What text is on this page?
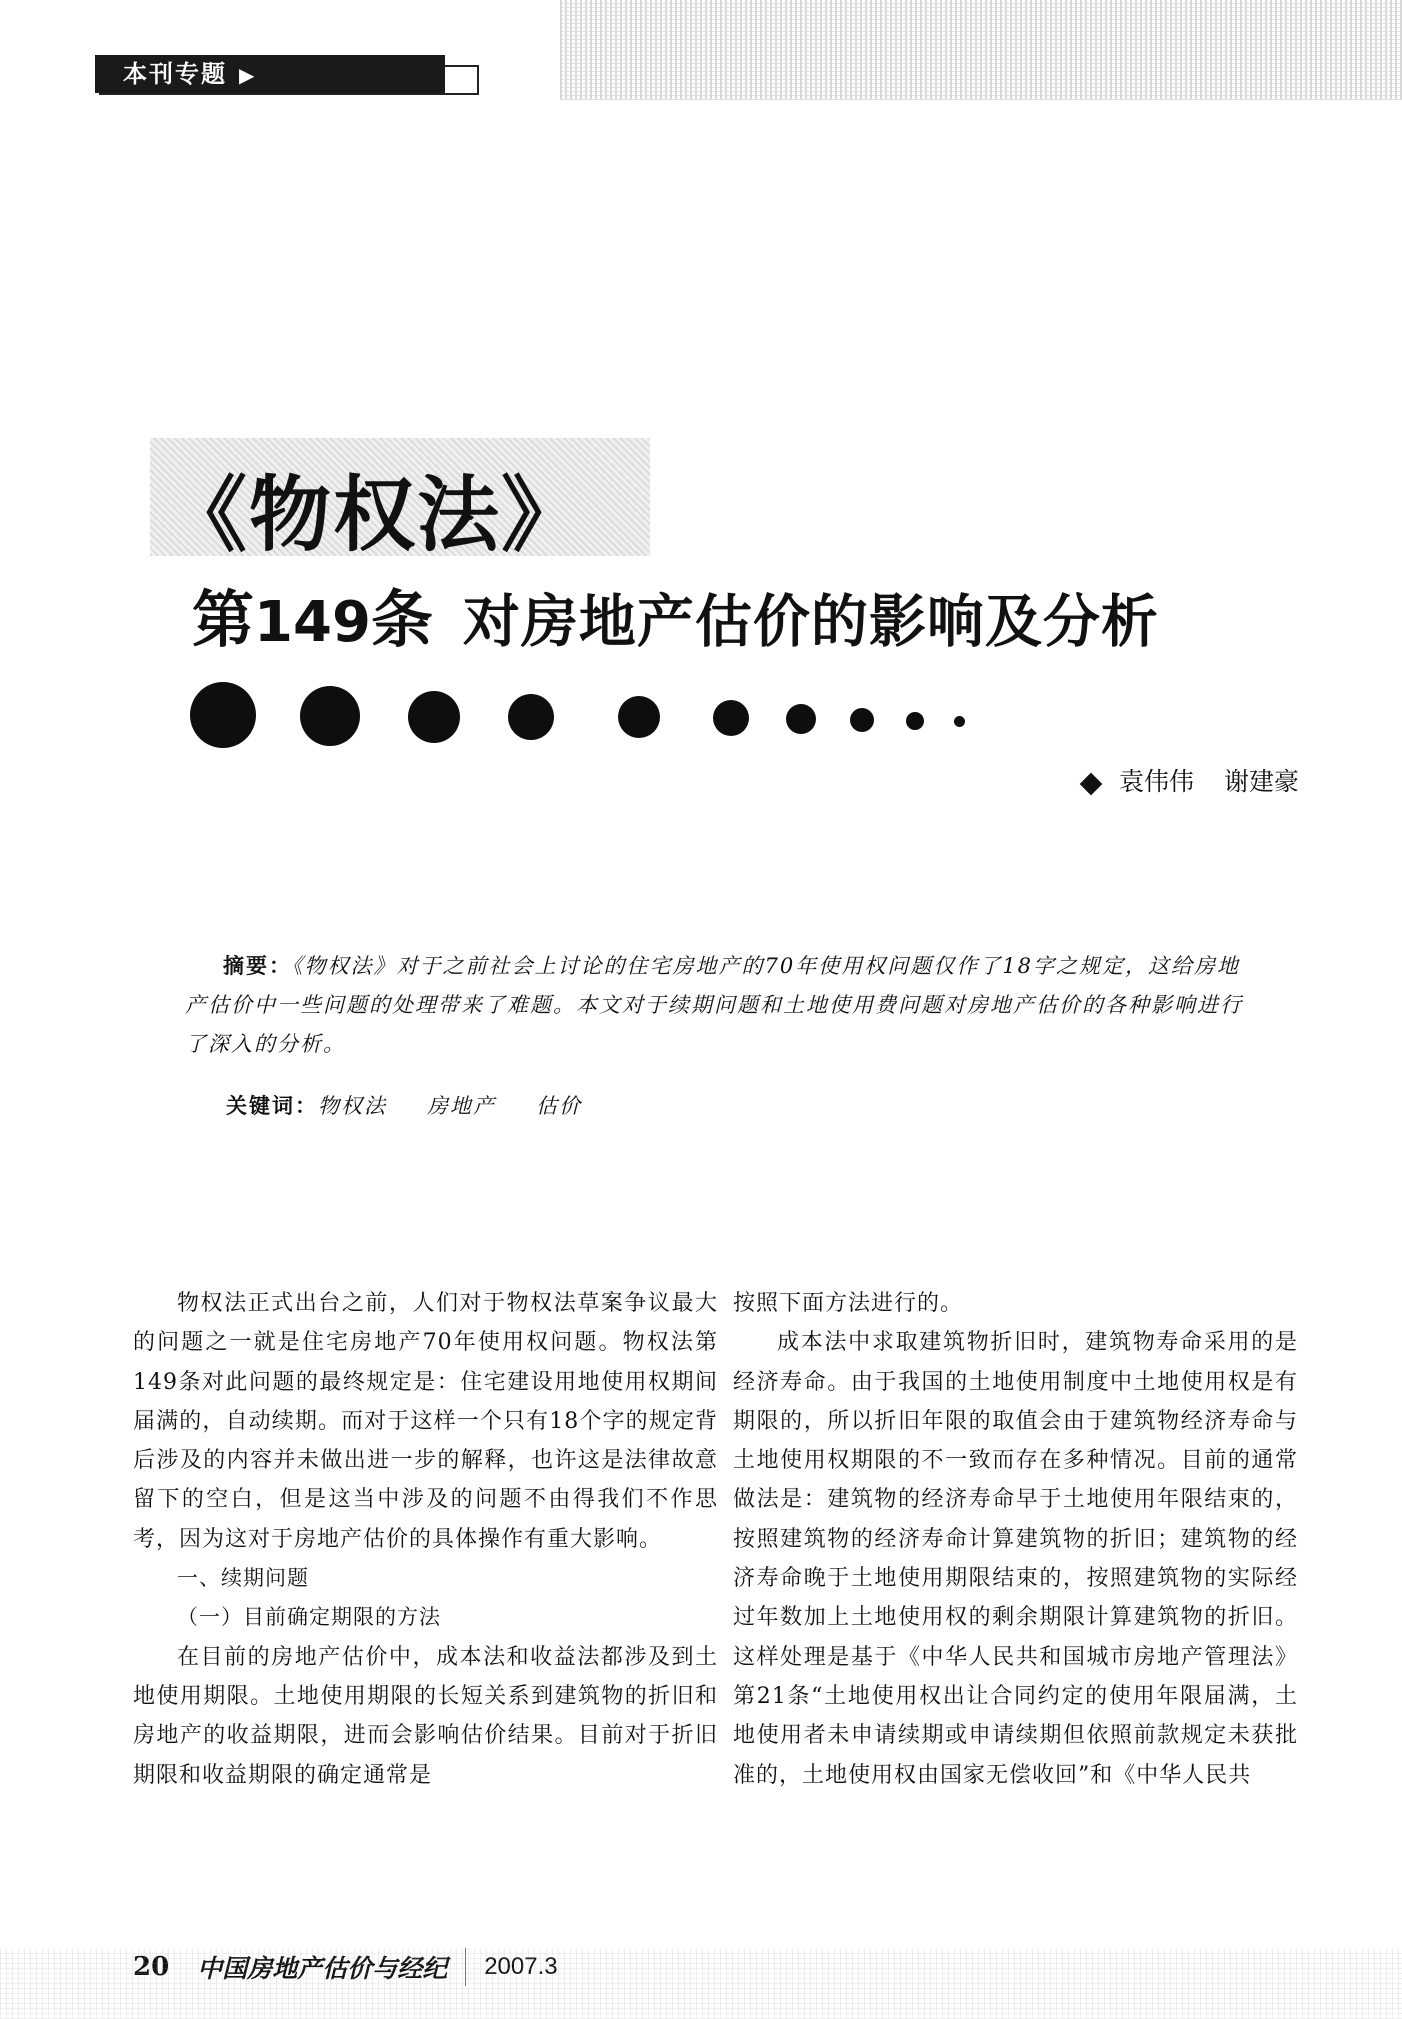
本刊专题 ▶
《物权法》
第149条 对房地产估价的影响及分析
袁伟伟 谢建豪
摘要：《物权法》对于之前社会上讨论的住宅房地产的70年使用权问题仅作了18字之规定，这给房地产估价中一些问题的处理带来了难题。本文对于续期问题和土地使用费问题对房地产估价的各种影响进行了深入的分析。
关键词：物权法 房地产 估价

物权法正式出台之前，人们对于物权法草案争议最大的问题之一就是住宅房地产70年使用权问题。物权法第149条对此问题的最终规定是：住宅建设用地使用权期间届满的，自动续期。而对于这样一个只有18个字的规定背后涉及的内容并未做出进一步的解释，也许这是法律故意留下的空白，但是这当中涉及的问题不由得我们不作思考，因为这对于房地产估价的具体操作有重大影响。

一、续期问题

（一）目前确定期限的方法

在目前的房地产估价中，成本法和收益法都涉及到土地使用期限。土地使用期限的长短关系到建筑物的折旧和房地产的收益期限，进而会影响估价结果。目前对于折旧期限和收益期限的确定通常是

按照下面方法进行的。

成本法中求取建筑物折旧时，建筑物寿命采用的是经济寿命。由于我国的土地使用制度中土地使用权是有期限的，所以折旧年限的取值会由于建筑物经济寿命与土地使用权期限的不一致而存在多种情况。目前的通常做法是：建筑物的经济寿命早于土地使用年限结束的，按照建筑物的经济寿命计算建筑物的折旧；建筑物的经济寿命晚于土地使用期限结束的，按照建筑物的实际经过年数加上土地使用权的剩余期限计算建筑物的折旧。这样处理是基于《中华人民共和国城市房地产管理法》第21条“土地使用权出让合同约定的使用年限届满，土地使用者未申请续期或申请续期但依照前款规定未获批准的，土地使用权由国家无偿收回”和《中华人民共

20 中国房地产估价与经纪 2007.3
